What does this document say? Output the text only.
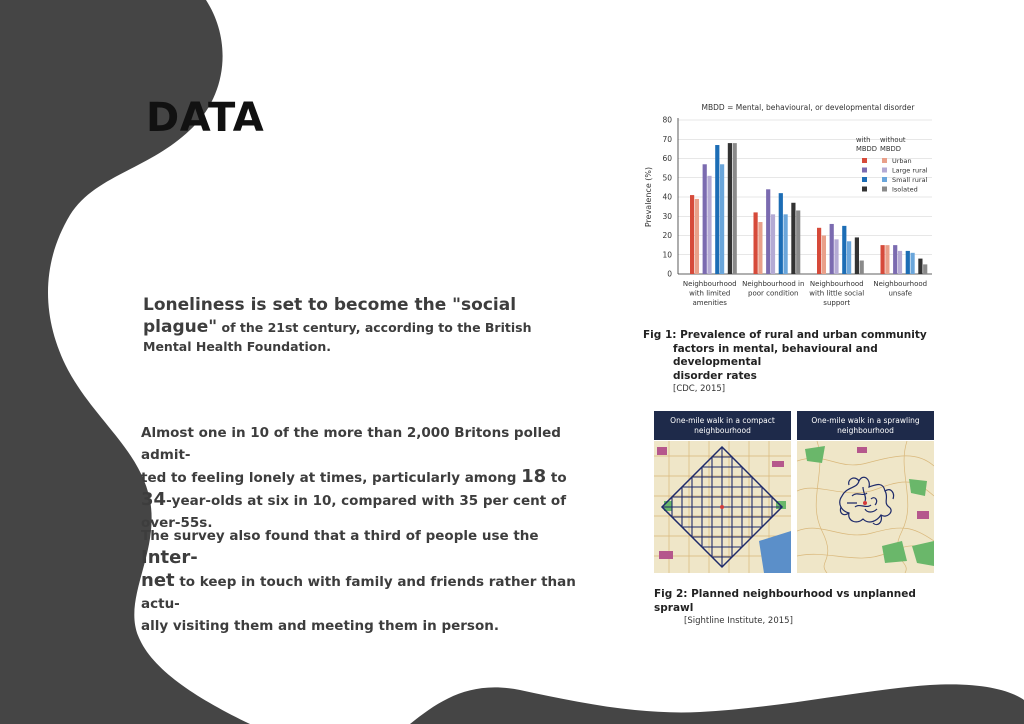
DATA
Loneliness is set to become the "social
plague" of the 21st century, according to the British
Mental Health Foundation.
Almost one in 10 of the more than 2,000 Britons polled admit-
ted to feeling lonely at times, particularly among 18 to
34-year-olds at six in 10, compared with 35 per cent of
over-55s.
The survey also found that a third of people use the Inter-
net to keep in touch with family and friends rather than actu-
ally visiting them and meeting them in person.
MBDD = Mental, behavioural, or developmental disorder
0
10
20
30
40
50
60
70
80
Prevalence (%)
Neighbourhood
with limited
amenities
Neighbourhood in
poor condition
Neighbourhood
with little social
support
Neighbourhood
unsafe
with
MBDD
without
MBDD
Urban
Large rural
Small rural
Isolated
Fig 1: Prevalence of rural and urban community
factors in mental, behavioural and developmental
disorder rates
[CDC, 2015]
One-mile walk in a compact neighbourhood
One-mile walk in a sprawling neighbourhood
Fig 2: Planned neighbourhood vs unplanned sprawl
[Sightline Institute, 2015]
